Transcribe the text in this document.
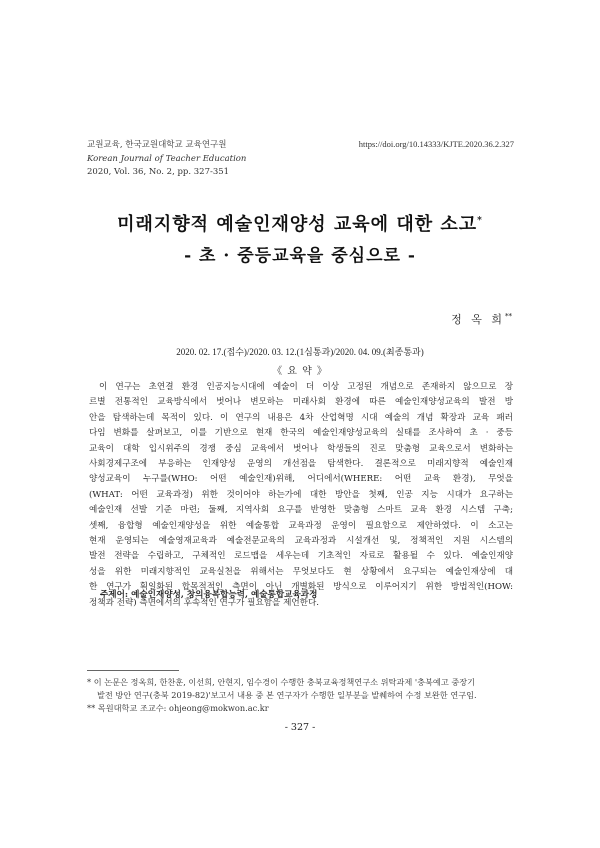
교원교육, 한국교원대학교 교육연구원
Korean Journal of Teacher Education
2020, Vol. 36, No. 2, pp. 327-351
https://doi.org/10.14333/KJTE.2020.36.2.327
미래지향적 예술인재양성 교육에 대한 소고*
- 초 · 중등교육을 중심으로 -
정 옥 희**
2020. 02. 17.(접수)/2020. 03. 12.(1심통과)/2020. 04. 09.(최종통과)
《 요 약 》
이 연구는 초연결 환경 인공지능시대에 예술이 더 이상 고정된 개념으로 존재하지 않으므로 장
르별 전통적인 교육방식에서 벗어나 변모하는 미래사회 환경에 따른 예술인재양성교육의 발전 방
안을 탐색하는데 목적이 있다. 이 연구의 내용은 4차 산업혁명 시대 예술의 개념 확장과 교육 패러
다임 변화를 살펴보고, 이를 기반으로 현재 한국의 예술인재양성교육의 실태를 조사하여 초 · 중등
교육이 대학 입시위주의 경쟁 중심 교육에서 벗어나 학생들의 진로 맞춤형 교육으로서 변화하는
사회경제구조에 부응하는 인재양성 운영의 개선점을 탐색한다. 결론적으로 미래지향적 예술인재
양성교육이 누구를(WHO: 어떤 예술인재)위해, 어디에서(WHERE: 어떤 교육 환경), 무엇을
(WHAT: 어떤 교육과정) 위한 것이어야 하는가에 대한 방안을 첫째, 인공 지능 시대가 요구하는
예술인재 선발 기준 마련; 둘째, 지역사회 요구를 반영한 맞춤형 스마트 교육 환경 시스템 구축;
셋째, 융합형 예술인재양성을 위한 예술통합 교육과정 운영이 필요함으로 제안하였다. 이 소고는
현재 운영되는 예술영재교육과 예술전문교육의 교육과정과 시설개선 및, 정책적인 지원 시스템의
발전 전략을 수립하고, 구체적인 로드맵을 세우는데 기초적인 자료로 활용될 수 있다. 예술인재양
성을 위한 미래지향적인 교육실천을 위해서는 무엇보다도 현 상황에서 요구되는 예술인재상에 대
한 연구가 획일화된 합목적적인 측면이 아닌 개별화된 방식으로 이루어지기 위한 방법적인(HOW:
정책과 전략) 측면에서의 후속적인 연구가 필요함을 제언한다.
주제어: 예술인재양성, 창의융복합능력, 예술통합교육과정
* 이 논문은 정옥희, 한찬훈, 이선희, 안현지, 임수경이 수행한 충북교육정책연구소 위탁과제 '충북예고 중장기
발전 방안 연구(충북 2019-82)'보고서 내용 중 본 연구자가 수행한 일부분을 발췌하여 수정 보완한 연구임.
** 목원대학교 조교수: ohjeong@mokwon.ac.kr
- 327 -
